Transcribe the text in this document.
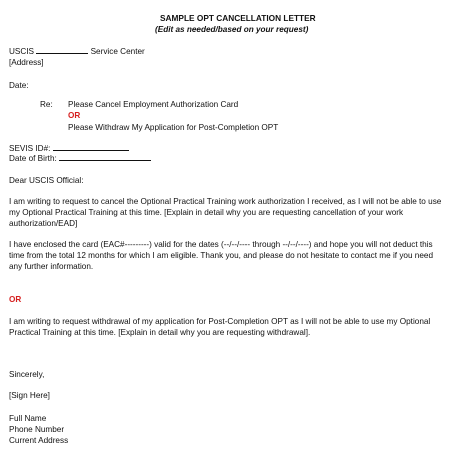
SAMPLE OPT CANCELLATION LETTER
(Edit as needed/based on your request)
USCIS	Service Center
[Address]
Date:
Re: Please Cancel Employment Authorization Card
OR
Please Withdraw My Application for Post-Completion OPT
SEVIS ID#:
Date of Birth:
Dear USCIS Official:
I am writing to request to cancel the Optional Practical Training work authorization I received, as I will not be able to use my Optional Practical Training at this time. [Explain in detail why you are requesting cancellation of your work authorization/EAD]
I have enclosed the card (EAC#---------) valid for the dates (--/--/---- through --/--/----) and hope you will not deduct this time from the total 12 months for which I am eligible. Thank you, and please do not hesitate to contact me if you need any further information.
OR
I am writing to request withdrawal of my application for Post-Completion OPT as I will not be able to use my Optional Practical Training at this time. [Explain in detail why you are requesting withdrawal].
Sincerely,
[Sign Here]
Full Name
Phone Number
Current Address
